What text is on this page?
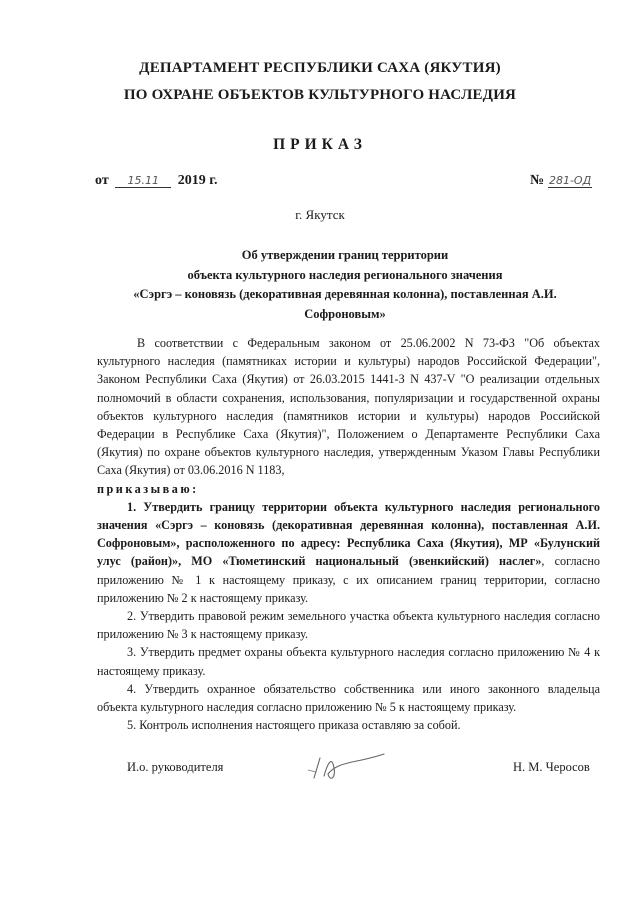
ДЕПАРТАМЕНТ РЕСПУБЛИКИ САХА (ЯКУТИЯ)
ПО ОХРАНЕ ОБЪЕКТОВ КУЛЬТУРНОГО НАСЛЕДИЯ
ПРИКАЗ
от 15.11 2019 г.	№ 281-ОД
г. Якутск
Об утверждении границ территории
объекта культурного наследия регионального значения
«Сэргэ – коновязь (декоративная деревянная колонна), поставленная А.И.
Софроновым»

В соответствии с Федеральным законом от 25.06.2002 N 73-ФЗ "Об объектах культурного наследия (памятниках истории и культуры) народов Российской Федерации", Законом Республики Саха (Якутия) от 26.03.2015 1441-З N 437-V "О реализации отдельных полномочий в области сохранения, использования, популяризации и государственной охраны объектов культурного наследия (памятников истории и культуры) народов Российской Федерации в Республике Саха (Якутия)", Положением о Департаменте Республики Саха (Якутия) по охране объектов культурного наследия, утвержденным Указом Главы Республики Саха (Якутия) от 03.06.2016 N 1183,

приказываю:

1. Утвердить границу территории объекта культурного наследия регионального значения «Сэргэ – коновязь (декоративная деревянная колонна), поставленная А.И. Софроновым», расположенного по адресу: Республика Саха (Якутия), МР «Булунский улус (район)», МО «Тюметинский национальный (эвенкийский) наслег», согласно приложению № 1 к настоящему приказу, с их описанием границ территории, согласно приложению № 2 к настоящему приказу.

2. Утвердить правовой режим земельного участка объекта культурного наследия согласно приложению № 3 к настоящему приказу.

3. Утвердить предмет охраны объекта культурного наследия согласно приложению № 4 к настоящему приказу.

4. Утвердить охранное обязательство собственника или иного законного владельца объекта культурного наследия согласно приложению № 5 к настоящему приказу.

5. Контроль исполнения настоящего приказа оставляю за собой.

И.о. руководителя	Н. М. Черосов
